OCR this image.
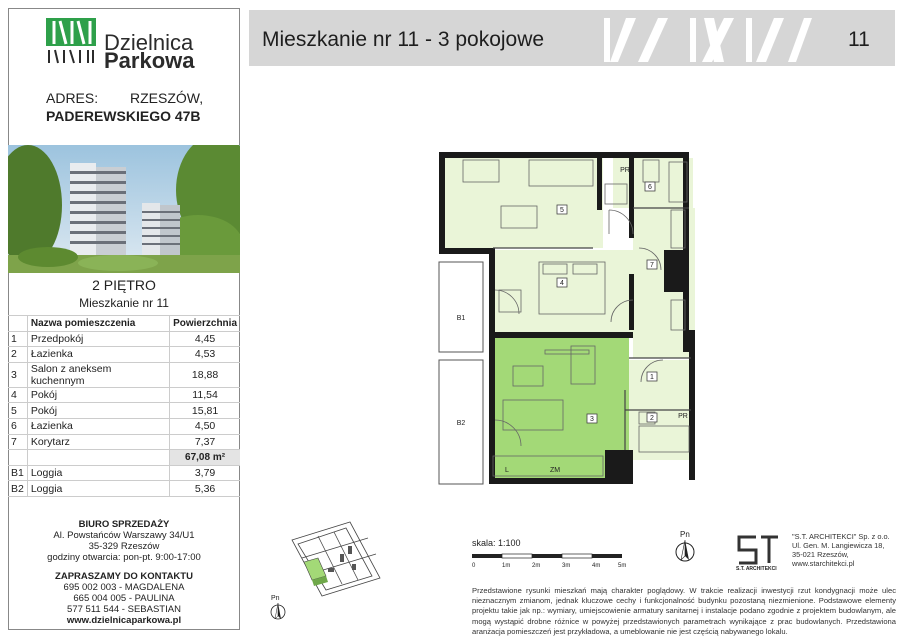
Dzielnica
Parkowa
ADRES: RZESZÓW,
PADEREWSKIEGO 47B
2 PIĘTRO
Mieszkanie nr 11
	Nazwa pomieszczenia	Powierzchnia
1	Przedpokój	4,45
2	Łazienka	4,53
3	Salon z aneksem kuchennym	18,88
4	Pokój	11,54
5	Pokój	15,81
6	Łazienka	4,50
7	Korytarz	7,37
		67,08 m²
B1	Loggia	3,79
B2	Loggia	5,36
BIURO SPRZEDAŻY
Al. Powstańców Warszawy 34/U1
35-329 Rzeszów
godziny otwarcia: pon-pt. 9:00-17:00
ZAPRASZAMY DO KONTAKTU
695 002 003 - MAGDALENA
665 004 005 - PAULINA
577 511 544 - SEBASTIAN
www.dzielnicaparkowa.pl
Mieszkanie nr 11 - 3 pokojowe	11
5
4
3
7
1
2
6
B1
B2
PR
PR
L	ZM
skala: 1:100
0	1m	2m	3m	4m	5m
Pn
S.T. ARCHITEKCI
"S.T. ARCHITEKCI" Sp. z o.o.
Ul. Gen. M. Langiewicza 18,
35-021 Rzeszów,
www.starchitekci.pl
Przedstawione rysunki mieszkań mają charakter poglądowy. W trakcie realizacji inwestycji rzut kondygnacji może ulec nieznacznym zmianom, jednak kluczowe cechy i funkcjonalność budynku pozostaną niezmienione. Podstawowe elementy projektu takie jak np.: wymiary, umiejscowienie armatury sanitarnej i instalacje podano zgodnie z projektem budowlanym, ale mogą wystąpić drobne różnice w powyżej przedstawionych parametrach wynikające z prac budowlanych. Przedstawiona aranżacja pomieszczeń jest przykładowa, a umeblowanie nie jest częścią nabywanego lokalu.
Pn
